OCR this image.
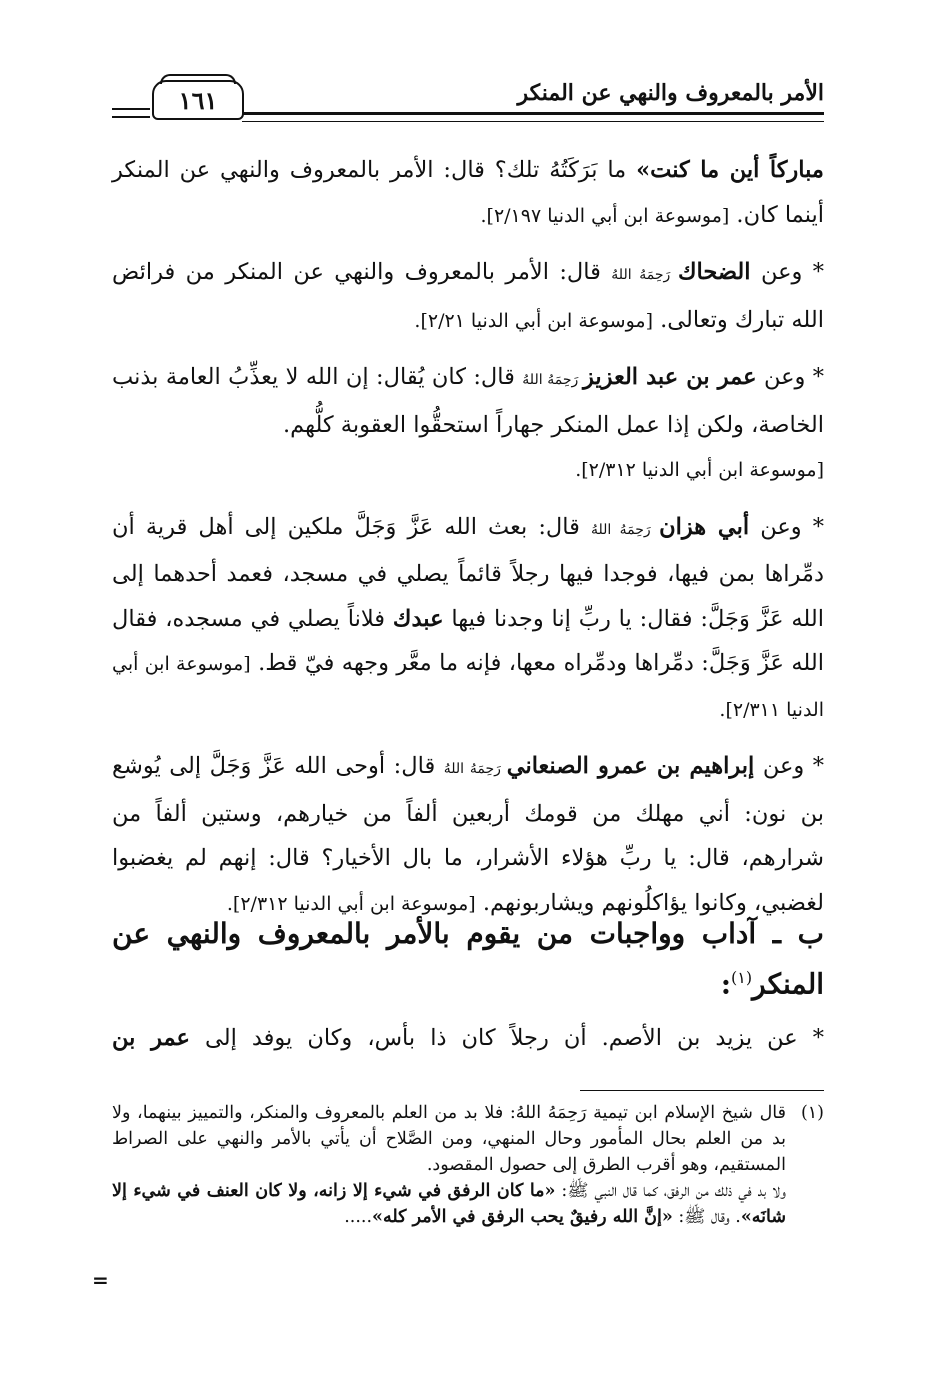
الأمر بالمعروف والنهي عن المنكر
١٦١

مباركاً أين ما كنت» ما بَرَكَتُهُ تلك؟ قال: الأمر بالمعروف والنهي عن المنكر أينما كان. [موسوعة ابن أبي الدنيا ٢/١٩٧].

* وعن الضحاك رَحِمَهُ اللهُ قال: الأمر بالمعروف والنهي عن المنكر من فرائض الله تبارك وتعالى. [موسوعة ابن أبي الدنيا ٢/٢١].

* وعن عمر بن عبد العزيز رَحِمَهُ اللهُ قال: كان يُقال: إن الله لا يعذِّبُ العامة بذنب الخاصة، ولكن إذا عمل المنكر جهاراً استحقُّوا العقوبة كلُّهم.
[موسوعة ابن أبي الدنيا ٢/٣١٢].

* وعن أبي هزان رَحِمَهُ اللهُ قال: بعث الله عَزَّ وَجَلَّ ملكين إلى أهل قرية أن دمِّراها بمن فيها، فوجدا فيها رجلاً قائماً يصلي في مسجد، فعمد أحدهما إلى الله عَزَّ وَجَلَّ: فقال: يا ربِّ إنا وجدنا فيها عبدك فلاناً يصلي في مسجده، فقال الله عَزَّ وَجَلَّ: دمِّراها ودمِّراه معها، فإنه ما معَّر وجهه فيّ قط. [موسوعة ابن أبي الدنيا ٢/٣١١].

* وعن إبراهيم بن عمرو الصنعاني رَحِمَهُ اللهُ قال: أوحى الله عَزَّ وَجَلَّ إلى يُوشع بن نون: أني مهلك من قومك أربعين ألفاً من خيارهم، وستين ألفاً من شرارهم، قال: يا ربِّ هؤلاء الأشرار، ما بال الأخيار؟ قال: إنهم لم يغضبوا لغضبي، وكانوا يؤاكلُونهم ويشاربونهم. [موسوعة ابن أبي الدنيا ٢/٣١٢].

ب ـ آداب وواجبات من يقوم بالأمر بالمعروف والنهي عن المنكر$^{(١)}$:
* عن يزيد بن الأصم. أن رجلاً كان ذا بأس، وكان يوفد إلى عمر بن
(١)
قال شيخ الإسلام ابن تيمية رَحِمَهُ اللهُ: فلا بد من العلم بالمعروف والمنكر، والتمييز بينهما، ولا بد من العلم بحال المأمور وحال المنهي، ومن الصَّلاح أن يأتي بالأمر والنهي على الصراط المستقيم، وهو أقرب الطرق إلى حصول المقصود.
ولا بد في ذلك من الرفق، كما قال النبي ﷺ: «ما كان الرفق في شيء إلا زانه، ولا كان العنف في شيء إلا شانَه». وقال ﷺ: «إنَّ الله رفيقٌ يحب الرفق في الأمر كله».....
=
